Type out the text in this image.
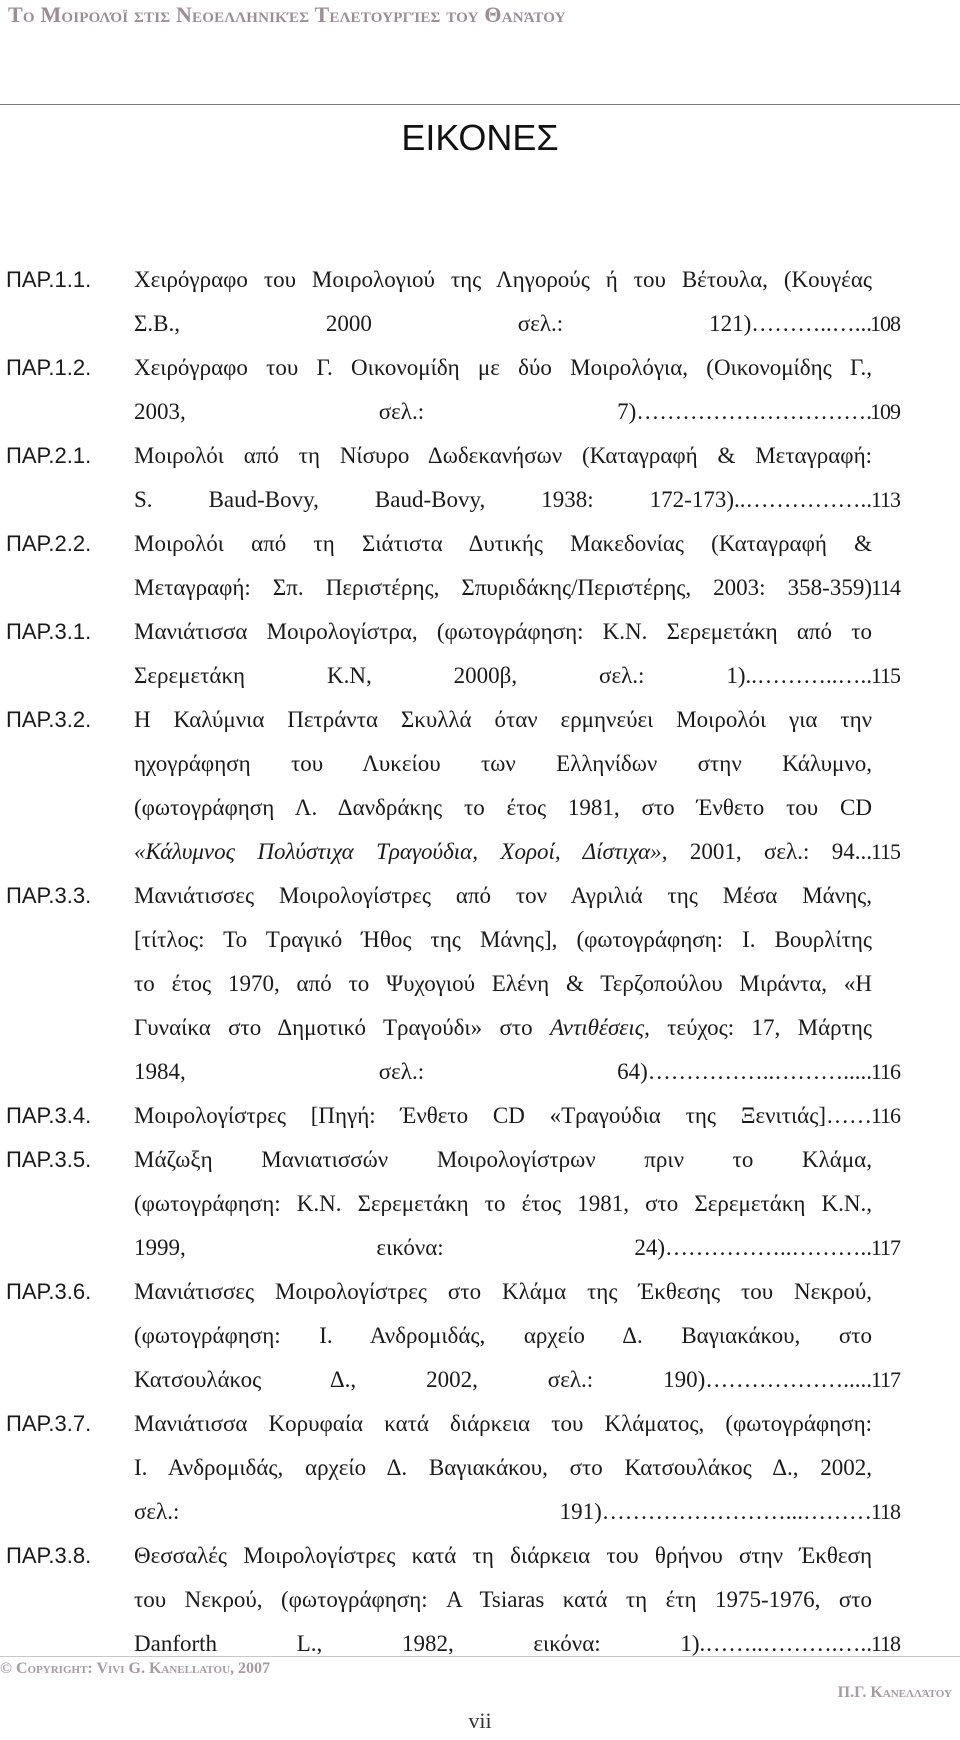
Το Μοιρολόϊ στις Νεοελληνικές Τελετουργίες του Θανάτου
ΕΙΚΟΝΕΣ
ΠΑΡ.1.1.	Χειρόγραφο του Μοιρολογιού της Ληγορούς ή του Βέτουλα, (Κουγέας
Σ.Β., 2000 σελ.: 121)………..…...
108
ΠΑΡ.1.2.	Χειρόγραφο του Γ. Οικονομίδη με δύο Μοιρολόγια, (Οικονομίδης Γ.,
2003, σελ.: 7)………………………….
109
ΠΑΡ.2.1.	Μοιρολόι από τη Νίσυρο Δωδεκανήσων (Καταγραφή & Μεταγραφή:
S. Baud-Bovy, Baud-Bovy, 1938: 172-173)..……………..
113
ΠΑΡ.2.2.	Μοιρολόι από τη Σιάτιστα Δυτικής Μακεδονίας (Καταγραφή &
Μεταγραφή: Σπ. Περιστέρης, Σπυριδάκης/Περιστέρης, 2003: 358-359)
114
ΠΑΡ.3.1.	Μανιάτισσα Μοιρολογίστρα, (φωτογράφηση: Κ.Ν. Σερεμετάκη από το
Σερεμετάκη Κ.Ν, 2000β, σελ.: 1)..………..…..
115
ΠΑΡ.3.2.	Η Καλύμνια Πετράντα Σκυλλά όταν ερμηνεύει Μοιρολόι για την
ηχογράφηση του Λυκείου των Ελληνίδων στην Κάλυμνο,
(φωτογράφηση Λ. Δανδράκης το έτος 1981, στο Ένθετο του CD
«Κάλυμνος Πολύστιχα Τραγούδια, Χοροί, Δίστιχα», 2001, σελ.: 94...
115
ΠΑΡ.3.3.	Μανιάτισσες Μοιρολογίστρες από τον Αγριλιά της Μέσα Μάνης,
[τίτλος: Το Τραγικό Ήθος της Μάνης], (φωτογράφηση: Ι. Βουρλίτης
το έτος 1970, από το Ψυχογιού Ελένη & Τερζοπούλου Μιράντα, «Η
Γυναίκα στο Δημοτικό Τραγούδι» στο Αντιθέσεις, τεύχος: 17, Μάρτης
1984, σελ.: 64)……………..……….....
116
ΠΑΡ.3.4.	Μοιρολογίστρες [Πηγή: Ένθετο CD «Τραγούδια της Ξενιτιάς]……
116
ΠΑΡ.3.5.	Μάζωξη Μανιατισσών Μοιρολογίστρων πριν το Κλάμα,
(φωτογράφηση: Κ.Ν. Σερεμετάκη το έτος 1981, στο Σερεμετάκη Κ.Ν.,
1999, εικόνα: 24)……………..………..
117
ΠΑΡ.3.6.	Μανιάτισσες Μοιρολογίστρες στο Κλάμα της Έκθεσης του Νεκρού,
(φωτογράφηση: Ι. Ανδρομιδάς, αρχείο Δ. Βαγιακάκου, στο
Κατσουλάκος Δ., 2002, σελ.: 190)……………….....
117
ΠΑΡ.3.7.	Μανιάτισσα Κορυφαία κατά διάρκεια του Κλάματος, (φωτογράφηση:
Ι. Ανδρομιδάς, αρχείο Δ. Βαγιακάκου, στο Κατσουλάκος Δ., 2002,
σελ.: 191)……………………...………
118
ΠΑΡ.3.8.	Θεσσαλές Μοιρολογίστρες κατά τη διάρκεια του θρήνου στην Έκθεση
του Νεκρού, (φωτογράφηση: A Tsiaras κατά τη έτη 1975-1976, στο
Danforth L., 1982, εικόνα: 1).……..……….…..
118
© Copyright: Vivi G. Kanellatou, 2007
Π.Γ. Κανελλάτου
vii
